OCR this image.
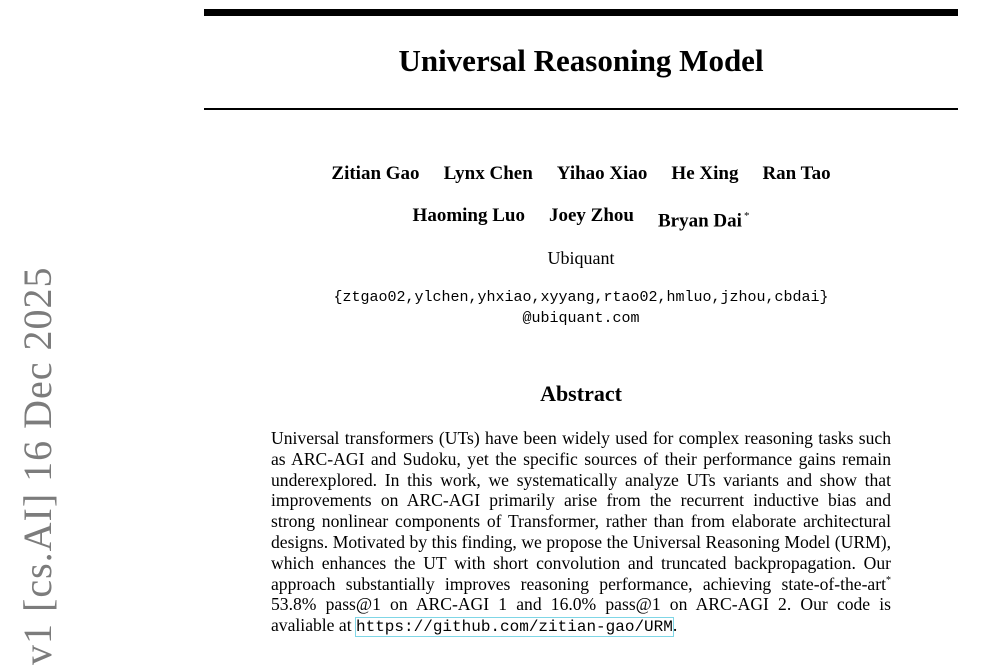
Universal Reasoning Model
Zitian Gao Lynx Chen Yihao Xiao He Xing Ran Tao
Haoming Luo Joey Zhou Bryan Dai *
Ubiquant
{ztgao02,ylchen,yhxiao,xyyang,rtao02,hmluo,jzhou,cbdai}
@ubiquant.com
Abstract

Universal transformers (UTs) have been widely used for complex reasoning tasks such as ARC-AGI and Sudoku, yet the specific sources of their performance gains remain underexplored. In this work, we systematically analyze UTs variants and show that improvements on ARC-AGI primarily arise from the recurrent inductive bias and strong nonlinear components of Transformer, rather than from elaborate architectural designs. Motivated by this finding, we propose the Universal Reasoning Model (URM), which enhances the UT with short convolution and truncated backpropagation. Our approach substantially improves reasoning performance, achieving state-of-the-art* 53.8% pass@1 on ARC-AGI 1 and 16.0% pass@1 on ARC-AGI 2. Our code is avaliable at https://github.com/zitian-gao/URM.

v1 [cs.AI] 16 Dec 2025
